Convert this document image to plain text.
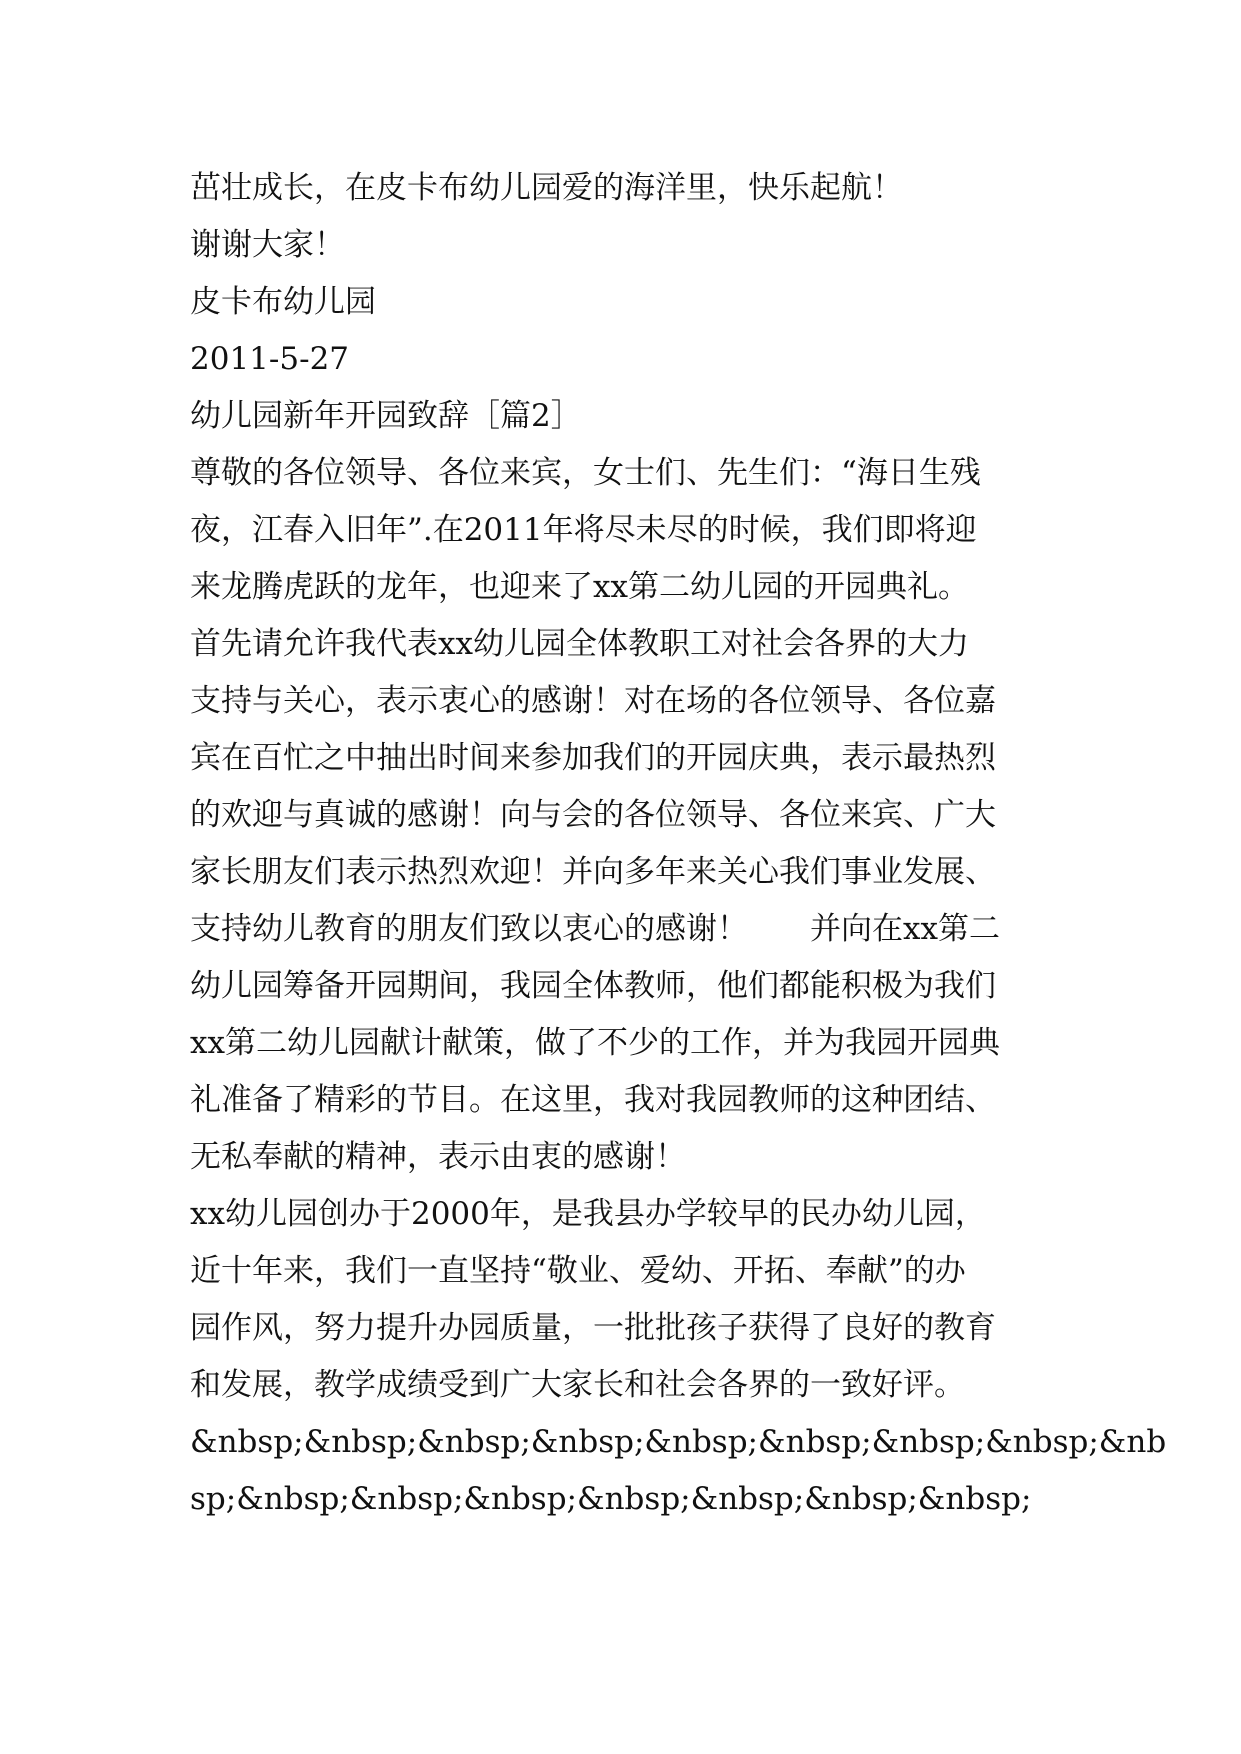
茁壮成长，在皮卡布幼儿园爱的海洋里，快乐起航！
谢谢大家！
皮卡布幼儿园
2011-5-27
幼儿园新年开园致辞［篇2］
尊敬的各位领导、各位来宾，女士们、先生们：“海日生残
夜，江春入旧年”.在2011年将尽未尽的时候，我们即将迎
来龙腾虎跃的龙年，也迎来了xx第二幼儿园的开园典礼。
首先请允许我代表xx幼儿园全体教职工对社会各界的大力
支持与关心，表示衷心的感谢！对在场的各位领导、各位嘉
宾在百忙之中抽出时间来参加我们的开园庆典，表示最热烈
的欢迎与真诚的感谢！向与会的各位领导、各位来宾、广大
家长朋友们表示热烈欢迎！并向多年来关心我们事业发展、
支持幼儿教育的朋友们致以衷心的感谢！　　并向在xx第二
幼儿园筹备开园期间，我园全体教师，他们都能积极为我们
xx第二幼儿园献计献策，做了不少的工作，并为我园开园典
礼准备了精彩的节目。在这里，我对我园教师的这种团结、
无私奉献的精神，表示由衷的感谢！
xx幼儿园创办于2000年，是我县办学较早的民办幼儿园，
近十年来，我们一直坚持“敬业、爱幼、开拓、奉献”的办
园作风，努力提升办园质量，一批批孩子获得了良好的教育
和发展，教学成绩受到广大家长和社会各界的一致好评。
&nbsp;&nbsp;&nbsp;&nbsp;&nbsp;&nbsp;&nbsp;&nbsp;&nb
sp;&nbsp;&nbsp;&nbsp;&nbsp;&nbsp;&nbsp;&nbsp;
